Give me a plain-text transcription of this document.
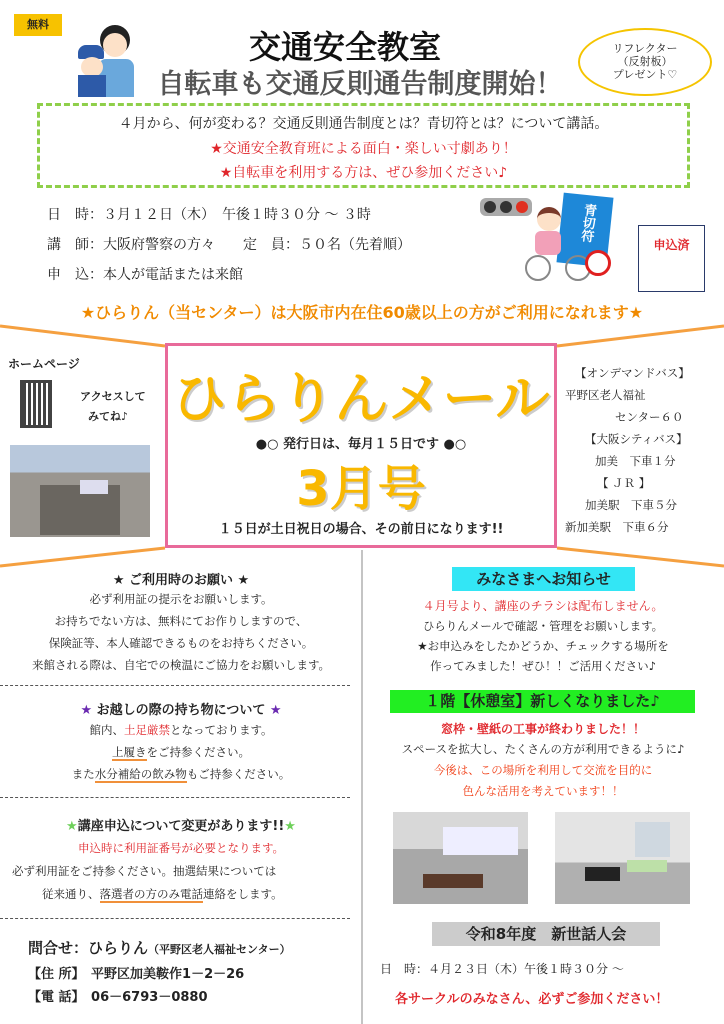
無料
交通安全教室
自転車も交通反則通告制度開始！
リフレクター
（反射板）
プレゼント♡
４月から、何が変わる？交通反則通告制度とは？青切符とは？について講話。
★交通安全教育班による面白・楽しい寸劇あり！
★自転車を利用する方は、ぜひ参加ください♪
日　時：３月１２日（木）　午後１時３０分 ～ ３時
講　師：大阪府警察の方々　　定　員：５０名（先着順）
申　込：本人が電話または来館
青切符
申込済
★ひらりん（当センター）は大阪市内在住60歳以上の方がご利用になれます★
ホームページ
アクセスして
みてね♪ ひらりんメール
●○ 発行日は、毎月１５日です ●○
3月号
１５日が土日祝日の場合、その前日になります!!
【オンデマンドバス】
平野区老人福祉
センター６０
【大阪シティバス】
加美　下車１分
【 ＪＲ 】
加美駅　下車５分
新加美駅　下車６分
★ ご利用時のお願い ★
必ず利用証の提示をお願いします。
お持ちでない方は、無料にてお作りしますので、
保険証等、本人確認できるものをお持ちください。
来館される際は、自宅での検温にご協力をお願いします。
★ お越しの際の持ち物について ★
館内、土足厳禁となっております。
上履きをご持参ください。
また水分補給の飲み物もご持参ください。
★講座申込について変更があります!!★
申込時に利用証番号が必要となります。
必ず利用証をご持参ください。抽選結果については
従来通り、落選者の方のみ電話連絡をします。
問合せ：ひらりん（平野区老人福祉センター）
【住 所】　 平野区加美鞍作1－2－26
【電 話】　 06－6793－0880
みなさまへお知らせ
４月号より、講座のチラシは配布しません。
ひらりんメールで確認・管理をお願いします。
★お申込みをしたかどうか、チェックする場所を
作ってみました！ぜひ！！ご活用ください♪
１階【休憩室】新しくなりました♪
窓枠・壁紙の工事が終わりました！！
スペースを拡大し、たくさんの方が利用できるように♪
今後は、この場所を利用して交流を目的に
色んな活用を考えています！！
令和8年度　新世話人会
日　時：４月２３日（木）午後１時３０分 ～
各サークルのみなさん、必ずご参加ください！
